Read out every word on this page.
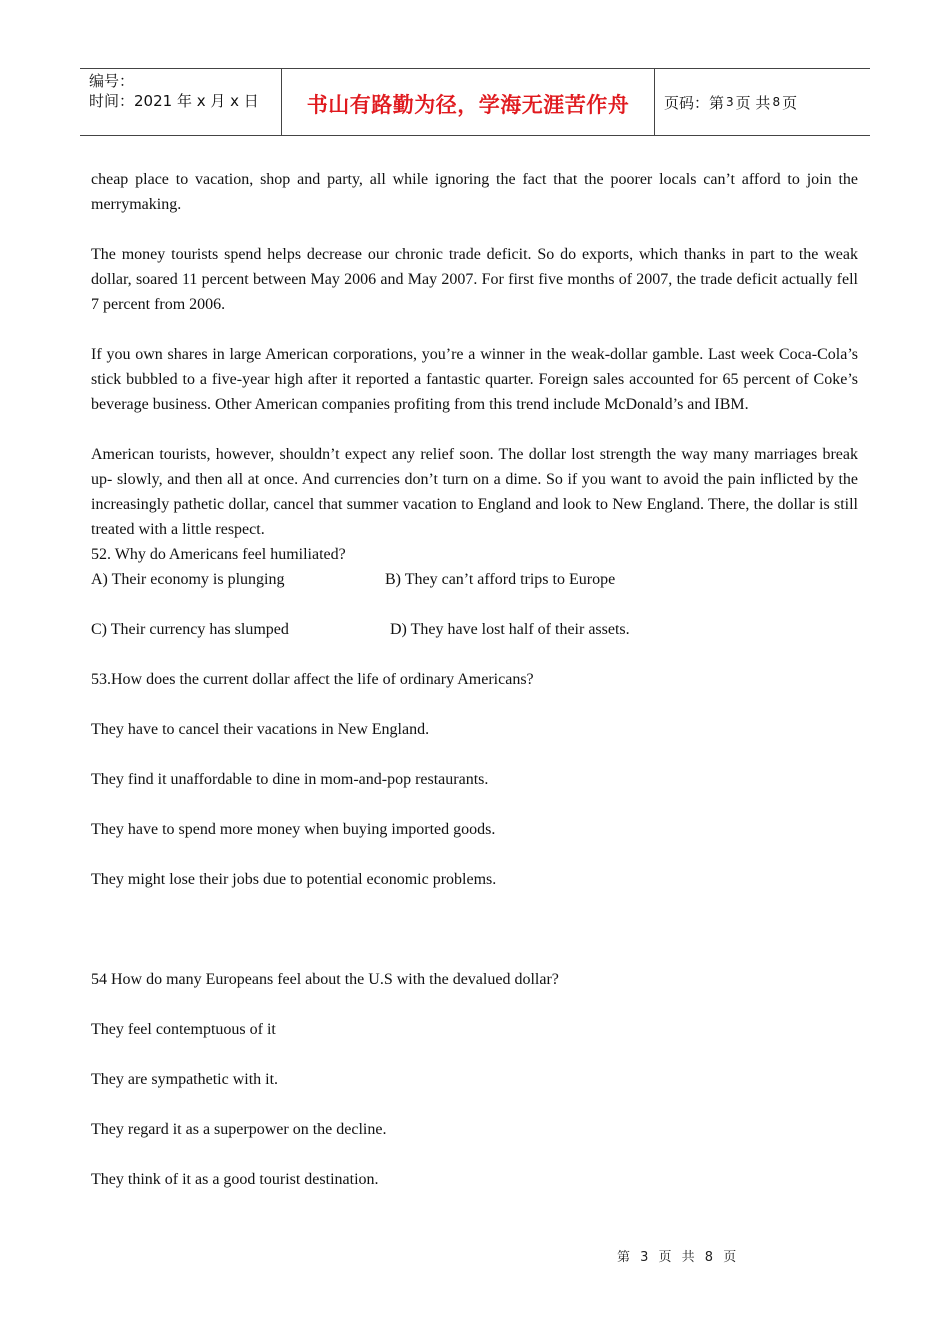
编号：
时间：2021 年 x 月 x 日	书山有路勤为径，学海无涯苦作舟	页码：第 3 页 共 8 页

cheap place to vacation, shop and party, all while ignoring the fact that the poorer locals can’t afford to join the merrymaking.

The money tourists spend helps decrease our chronic trade deficit. So do exports, which thanks in part to the weak dollar, soared 11 percent between May 2006 and May 2007. For first five months of 2007, the trade deficit actually fell 7 percent from 2006.

If you own shares in large American corporations, you’re a winner in the weak-dollar gamble. Last week Coca-Cola’s stick bubbled to a five-year high after it reported a fantastic quarter. Foreign sales accounted for 65 percent of Coke’s beverage business. Other American companies profiting from this trend include McDonald’s and IBM.

American tourists, however, shouldn’t expect any relief soon. The dollar lost strength the way many marriages break up- slowly, and then all at once. And currencies don’t turn on a dime. So if you want to avoid the pain inflicted by the increasingly pathetic dollar, cancel that summer vacation to England and look to New England. There, the dollar is still treated with a little respect.

52. Why do Americans feel humiliated?

A) Their economy is plunging	B) They can’t afford trips to Europe
C) Their currency has slumped	D) They have lost half of their assets.

53.How does the current dollar affect the life of ordinary Americans?

They have to cancel their vacations in New England.

They find it unaffordable to dine in mom-and-pop restaurants.

They have to spend more money when buying imported goods.

They might lose their jobs due to potential economic problems.

54 How do many Europeans feel about the U.S with the devalued dollar?

They feel contemptuous of it

They are sympathetic with it.

They regard it as a superpower on the decline.

They think of it as a good tourist destination.

第 3 页 共 8 页
